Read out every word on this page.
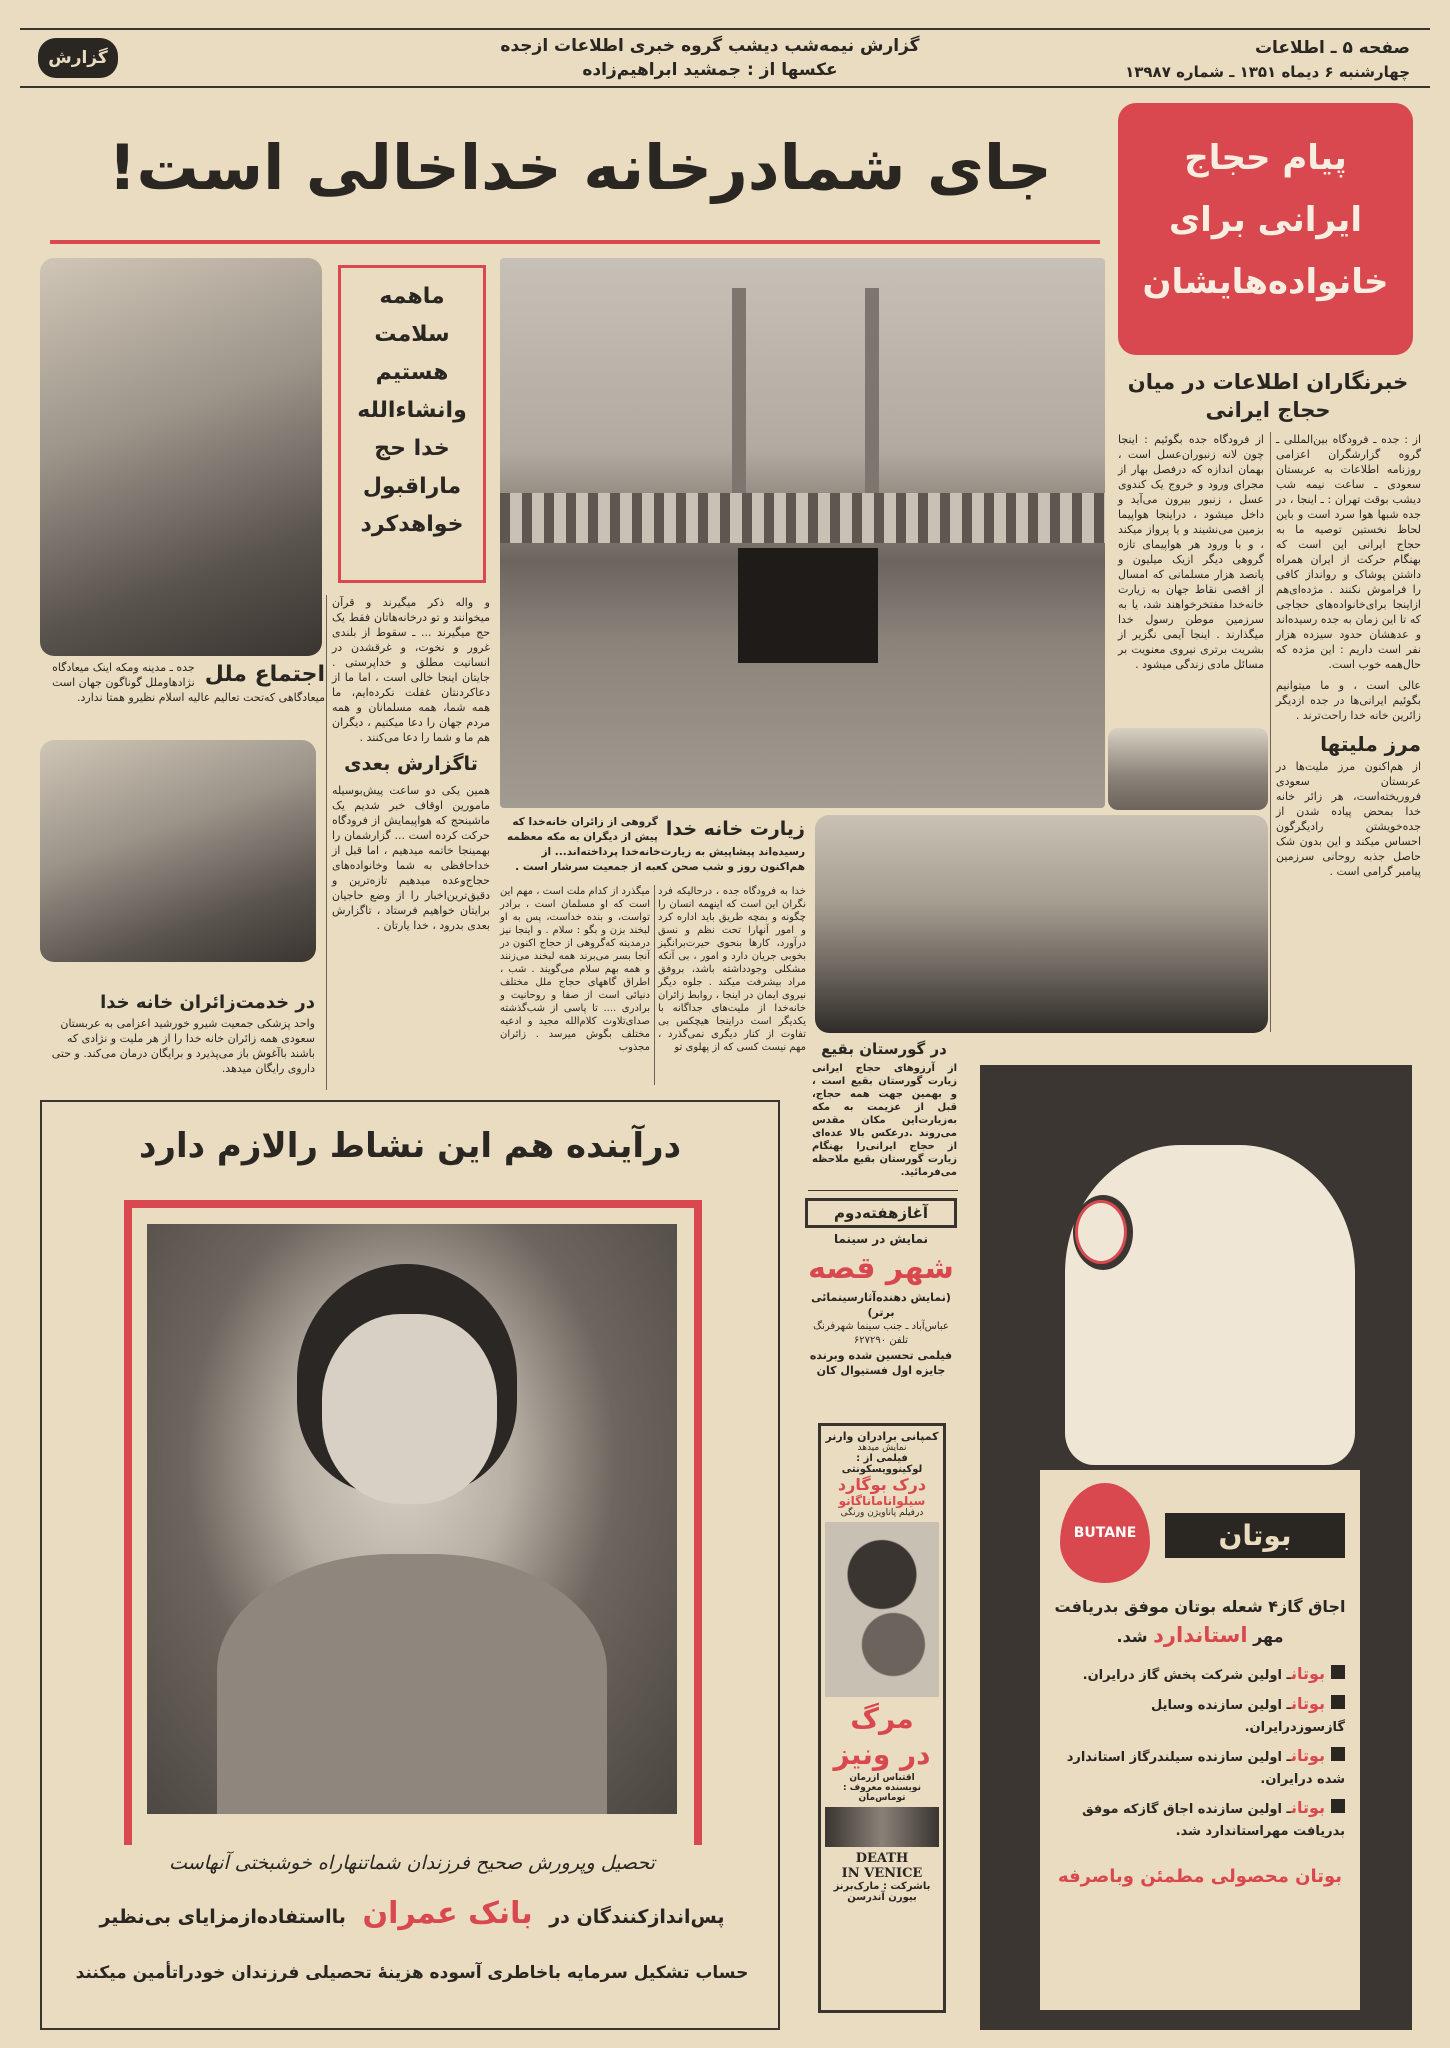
صفحه ۵ ـ اطلاعات
چهارشنبه ۶ دیماه ۱۳۵۱ ـ شماره ۱۳۹۸۷
گزارش نیمه‌شب دیشب گروه خبری اطلاعات ازجده
عکسها از : جمشید ابراهیم‌زاده
گزارش
جای شمادرخانه خداخالی است!	پیام حجاج
ایرانی برای
خانواده‌هایشان
خبرنگاران اطلاعات در میان حجاج ایرانی
از : جده ـ فرودگاه بین‌المللی ـ گروه گزارشگران اعزامی روزنامه اطلاعات به عربستان سعودی ـ ساعت نیمه شب دیشب بوقت تهران : ـ اینجا ، در جده شبها هوا سرد است و باین لحاظ نخستین توصیه ما به حجاج ایرانی این است که بهنگام حرکت از ایران همراه داشتن پوشاک و روانداز کافی را فراموش نکنند . مژده‌ای‌هم ازاینجا برای‌خانواده‌های حجاجی که تا این زمان به جده رسیده‌اند و عدهشان حدود سیزده هزار نفر است داریم : این مژده که حال‌همه خوب است.
عالی است ، و ما میتوانیم بگوئیم ایرانی‌ها در جده ازدیگر زائرین خانه خدا راحت‌ترند .
مرز ملیتها
از هم‌اکنون مرز ملیت‌ها در عربستان سعودی فروریخته‌است، هر زائر خانه خدا بمحض پیاده شدن از جده‌خویشتن رادیگرگون احساس میکند و این بدون شک حاصل جذبه روحانی سرزمین پیامبر گرامی است .
از فرودگاه جده بگوئیم : اینجا چون لانه زنبوران‌عسل است ، بهمان اندازه که درفصل بهار از مجرای ورود و خروج یک کندوی عسل ، زنبور بیرون می‌آید و داخل میشود ، دراینجا هواپیما بزمین می‌نشیند و یا پرواز میکند ، و با ورود هر هواپیمای تازه گروهی دیگر ازیک میلیون و پانصد هزار مسلمانی که امسال از اقصی نقاط جهان به زیارت خانه‌خدا مفتخرخواهند شد، یا به سرزمین موطن رسول خدا میگذارند . اینجا آیمی نگزیر از بشریت برتری نیروی معنویت بر مسائل مادی زندگی میشود .
اجتماع ملل
جده ـ مدینه ومکه اینک میعادگاه نژادهاوملل گوناگون جهان است میعادگاهی که‌تحت تعالیم عالیه اسلام نظیرو همتا ندارد.
در خدمت‌زائران خانه خدا
واحد پزشکی جمعیت شیرو خورشید اعزامی به عربستان سعودی همه زائران خانه خدا را از هر ملیت و نژادی که باشند باآغوش باز می‌پذیرد و برایگان درمان می‌کند. و حتی داروی رایگان میدهد.
ماهمه
سلامت
هستیم
وانشاءالله
خدا حج
ماراقبول
خواهدکرد
و واله ذکر میگیرند و قرآن میخوانند و تو درخانه‌هاتان فقط یک حج میگیرند ... ـ سقوط از بلندی غرور و نخوت، و غرقشدن در انسانیت مطلق و خداپرستی . جایتان اینجا خالی است ، اما ما از دعاکردنتان غفلت نکرده‌ایم، ما همه شما، همه مسلمانان و همه مردم جهان را دعا میکنیم ، دیگران هم ما و شما را دعا می‌کنند .
تاگزارش بعدی
همین یکی دو ساعت پیش‌بوسیله مامورین اوقاف خبر شدیم یک ماشینحج که هواپیمایش از فرودگاه حرکت کرده است ... گزارشمان را بهمینجا خاتمه میدهیم ، اما قبل از خداحافظی به شما وخانواده‌های حجاج‌وعده میدهیم تازه‌ترین و دقیق‌ترین‌اخبار را از وضع حاجیان برایتان خواهیم فرستاد ، تاگزارش بعدی بدرود ، خدا یارتان .
زیارت خانه خدا
گروهی از زائران خانه‌خدا که پیش از دیگران به مکه معظمه رسیده‌اند پیشاپیش به زیارت‌خانه‌خدا پرداخته‌اند... از هم‌اکنون روز و شب صحن کعبه از جمعیت سرشار است .
خدا به فرودگاه جده ، درحالیکه فرد نگران این است که اینهمه انسان را چگونه و بمچه طریق باید اداره کرد و امور آنهارا تحت نظم و نسق درآورد، کارها بنحوی حیرت‌برانگیز بخوبی جریان دارد و امور ، بی آنکه مشکلی وجودداشته باشد، بروفق مراد بیشرفت میکند . جلوه دیگر نیروی ایمان در اینجا ، روابط زائران خانه‌خدا از ملیت‌های جداگانه با یکدیگر است دراینجا هیچکس بی تفاوت از کنار دیگری نمی‌گذرد ، مهم نیست کسی که از پهلوی تو
میگذرد از کدام ملت است ، مهم این است که او مسلمان است ، برادر تواست، و بنده خداست، پس به او لبخند بزن و بگو : سلام . و اینجا نیز درمدینه که‌گروهی از حجاج اکنون در آنجا بسر می‌برند همه لبخند می‌زنند و همه بهم سلام می‌گویند . شب ، اطراق گاههای حجاج ملل مختلف دنیائی است از صفا و روحانیت و برادری .... تا پاسی از شب‌گذشته صدای‌تلاوت کلام‌الله مجید و ادعیه مختلف بگوش میرسد . زائران مجذوب	در گورستان بقیع
از آرزوهای حجاج ایرانی زیارت گورستان بقیع است ، و بهمین جهت همه حجاج، قبل از عزیمت به مکه به‌زیارت‌این مکان مقدس می‌روند .درعکس بالا عده‌ای از حجاج ایرانی‌را بهنگام زیارت گورستان بقیع ملاحظه می‌فرمائید.
درآینده هم این نشاط رالازم دارد
تحصیل وپرورش صحیح فرزندان شماتنهاراه خوشبختی آنهاست
پس‌اندازکنندگان در بانک عمران بااستفاده‌ازمزایای بی‌نظیر
حساب تشکیل سرمایه باخاطری آسوده هزینهٔ تحصیلی فرزندان خودراتأمین میکنند
آغازهفته‌دوم
نمایش در سینما
شهر قصه
(نمایش دهنده‌آثارسینمائی برتر)
عباس‌آباد ـ جنب سینما شهرفرنگ تلفن ۶۲۷۲۹۰
فیلمی تحسین شده وبرنده جایزه اول فستیوال کان
کمپانی برادران وارنر
نمایش میدهد
فیلمی از : لوکینوویسکونتی
درک بوگارد
سیلواناماناگانو
درفیلم پاناویژن ورنگی
مرگ
در ونیز
اقتباس ازرمان
نویسنده معروف : توماس‌مان
DEATH
IN VENICE
باشرکت : مارک‌برنز
بیورن آندرسن
BUTANE	بوتان
اجاق گاز۴ شعله بوتان موفق بدریافت
مهر استاندارد شد.
بوتانـ اولین شرکت پخش گاز درایران.
بوتانـ اولین سازنده وسایل گازسوزدرایران.
بوتانـ اولین سازنده سیلندرگاز استاندارد شده درایران.
بوتانـ اولین سازنده اجاق گازکه موفق بدریافت مهراستاندارد شد.
بوتان محصولی مطمئن وباصرفه
